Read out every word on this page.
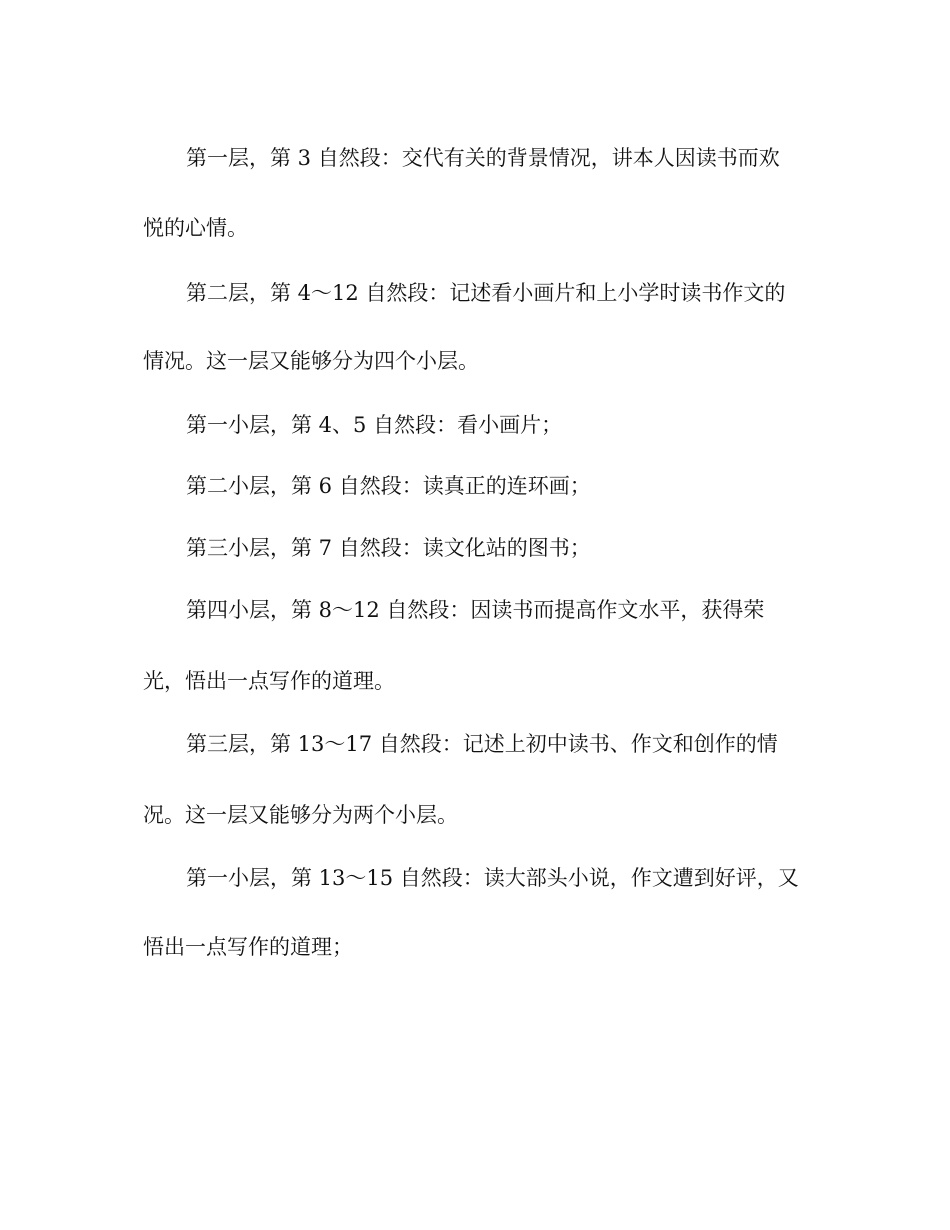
第一层，第 3 自然段：交代有关的背景情况，讲本人因读书而欢
悦的心情。
第二层，第 4～12 自然段：记述看小画片和上小学时读书作文的
情况。这一层又能够分为四个小层。
第一小层，第 4、5 自然段：看小画片；
第二小层，第 6 自然段：读真正的连环画；
第三小层，第 7 自然段：读文化站的图书；
第四小层，第 8～12 自然段：因读书而提高作文水平，获得荣
光，悟出一点写作的道理。
第三层，第 13～17 自然段：记述上初中读书、作文和创作的情
况。这一层又能够分为两个小层。
第一小层，第 13～15 自然段：读大部头小说，作文遭到好评，又
悟出一点写作的道理；
